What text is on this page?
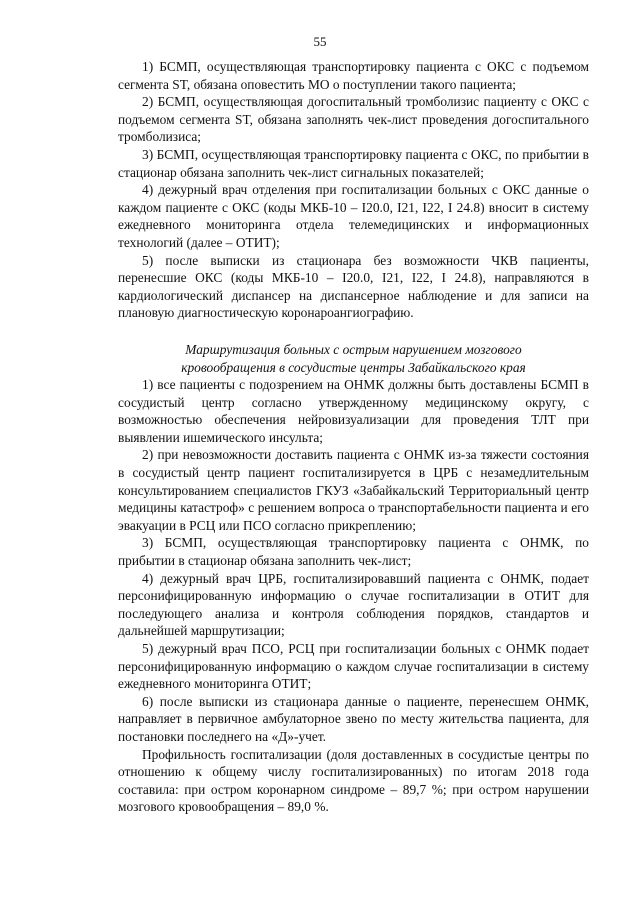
55

1) БСМП, осуществляющая транспортировку пациента с ОКС с подъемом сегмента ST, обязана оповестить МО о поступлении такого пациента;

2) БСМП, осуществляющая догоспитальный тромболизис пациенту с ОКС с подъемом сегмента ST, обязана заполнять чек-лист проведения догоспитального тромболизиса;

3) БСМП, осуществляющая транспортировку пациента с ОКС, по прибытии в стационар обязана заполнить чек-лист сигнальных показателей;

4) дежурный врач отделения при госпитализации больных с ОКС данные о каждом пациенте с ОКС (коды МКБ-10 – I20.0, I21, I22, I 24.8) вносит в систему ежедневного мониторинга отдела телемедицинских и информационных технологий (далее – ОТИТ);

5) после выписки из стационара без возможности ЧКВ пациенты, перенесшие ОКС (коды МКБ-10 – I20.0, I21, I22, I 24.8), направляются в кардиологический диспансер на диспансерное наблюдение и для записи на плановую диагностическую коронароангиографию.

Маршрутизация больных с острым нарушением мозгового
кровообращения в сосудистые центры Забайкальского края

1) все пациенты с подозрением на ОНМК должны быть доставлены БСМП в сосудистый центр согласно утвержденному медицинскому округу, с возможностью обеспечения нейровизуализации для проведения ТЛТ при выявлении ишемического инсульта;

2) при невозможности доставить пациента с ОНМК из-за тяжести состояния в сосудистый центр пациент госпитализируется в ЦРБ с незамедлительным консультированием специалистов ГКУЗ «Забайкальский Территориальный центр медицины катастроф» с решением вопроса о транспортабельности пациента и его эвакуации в РСЦ или ПСО согласно прикреплению;

3) БСМП, осуществляющая транспортировку пациента с ОНМК, по прибытии в стационар обязана заполнить чек-лист;

4) дежурный врач ЦРБ, госпитализировавший пациента с ОНМК, подает персонифицированную информацию о случае госпитализации в ОТИТ для последующего анализа и контроля соблюдения порядков, стандартов и дальнейшей маршрутизации;

5) дежурный врач ПСО, РСЦ при госпитализации больных с ОНМК подает персонифицированную информацию о каждом случае госпитализации в систему ежедневного мониторинга ОТИТ;

6) после выписки из стационара данные о пациенте, перенесшем ОНМК, направляет в первичное амбулаторное звено по месту жительства пациента, для постановки последнего на «Д»-учет.

Профильность госпитализации (доля доставленных в сосудистые центры по отношению к общему числу госпитализированных) по итогам 2018 года составила: при остром коронарном синдроме – 89,7 %; при остром нарушении мозгового кровообращения – 89,0 %.
